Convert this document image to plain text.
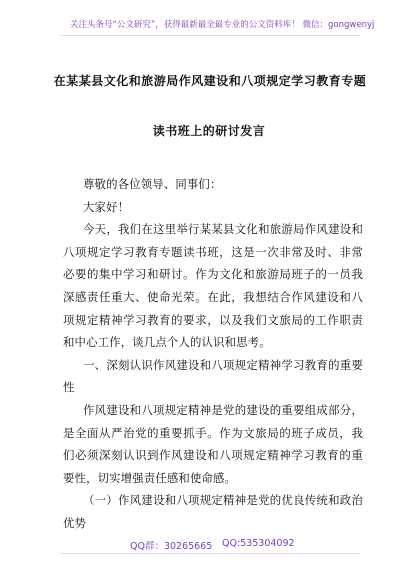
关注头条号“公文研究”，获得最新最全最专业的公文资料库！ 微信：gongwenyj
在某某县文化和旅游局作风建设和八项规定学习教育专题
读书班上的研讨发言

尊敬的各位领导、同事们：

大家好！

今天，我们在这里举行某某县文化和旅游局作风建设和八项规定学习教育专题读书班，这是一次非常及时、非常必要的集中学习和研讨。作为文化和旅游局班子的一员我深感责任重大、使命光荣。在此，我想结合作风建设和八项规定精神学习教育的要求，以及我们文旅局的工作职责和中心工作，谈几点个人的认识和思考。

一、深刻认识作风建设和八项规定精神学习教育的重要性

作风建设和八项规定精神是党的建设的重要组成部分，是全面从严治党的重要抓手。作为文旅局的班子成员，我们必须深刻认识到作风建设和八项规定精神学习教育的重要性，切实增强责任感和使命感。

（一）作风建设和八项规定精神是党的优良传统和政治优势

QQ群：30265665 QQ:535304092
